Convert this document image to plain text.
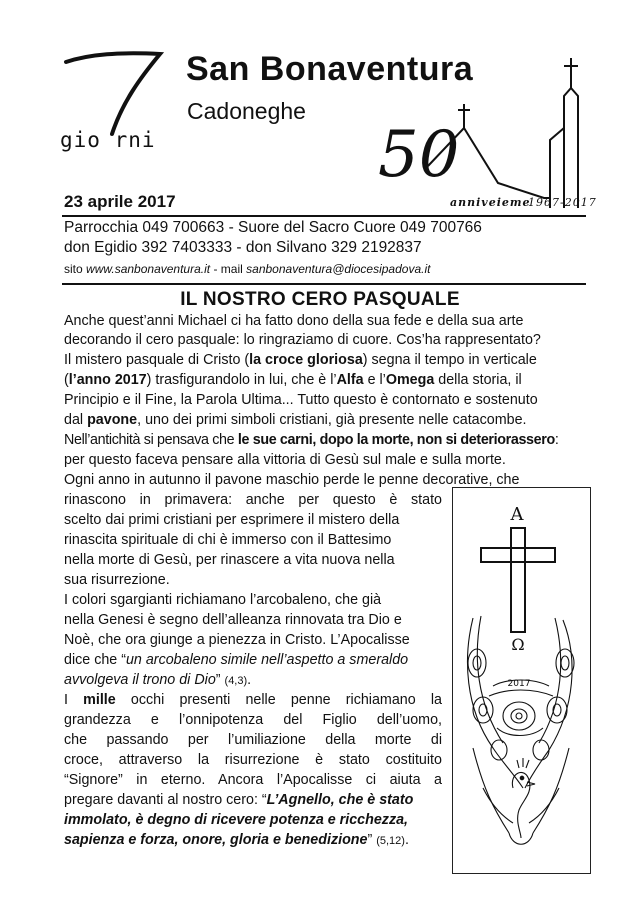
gio rni
San Bonaventura
Cadoneghe
50
anniveieme
1967-2017
23 aprile 2017
Parrocchia 049 700663 - Suore del Sacro Cuore 049 700766
don Egidio 392 7403333 - don Silvano 329 2192837
sito www.sanbonaventura.it - mail sanbonaventura@diocesipadova.it
IL NOSTRO CERO PASQUALE
Anche quest’anni Michael ci ha fatto dono della sua fede e della sua arte
decorando il cero pasquale: lo ringraziamo di cuore. Cos’ha rappresentato?
Il mistero pasquale di Cristo (la croce gloriosa) segna il tempo in verticale
(l’anno 2017) trasfigurandolo in lui, che è l’Alfa e l’Omega della storia, il
Principio e il Fine, la Parola Ultima... Tutto questo è contornato e sostenuto
dal pavone, uno dei primi simboli cristiani, già presente nelle catacombe.
Nell’antichità si pensava che le sue carni, dopo la morte, non si deteriorassero:
per questo faceva pensare alla vittoria di Gesù sul male e sulla morte.
Ogni anno in autunno il pavone maschio perde le penne decorative, che
rinascono in primavera: anche per questo è stato
scelto dai primi cristiani per esprimere il mistero della
rinascita spirituale di chi è immerso con il Battesimo
nella morte di Gesù, per rinascere a vita nuova nella
sua risurrezione.
I colori sgargianti richiamano l’arcobaleno, che già
nella Genesi è segno dell’alleanza rinnovata tra Dio e
Noè, che ora giunge a pienezza in Cristo. L’Apocalisse
dice che “un arcobaleno simile nell’aspetto a smeraldo
avvolgeva il trono di Dio” (4,3).
I mille occhi presenti nelle penne richiamano la
grandezza e l’onnipotenza del Figlio dell’uomo,
che passando per l’umiliazione della morte di
croce, attraverso la risurrezione è stato costituito
“Signore” in eterno. Ancora l’Apocalisse ci aiuta a
pregare davanti al nostro cero: “L’Agnello, che è stato
immolato, è degno di ricevere potenza e ricchezza,
sapienza e forza, onore, gloria e benedizione” (5,12).
A
Ω
2017
